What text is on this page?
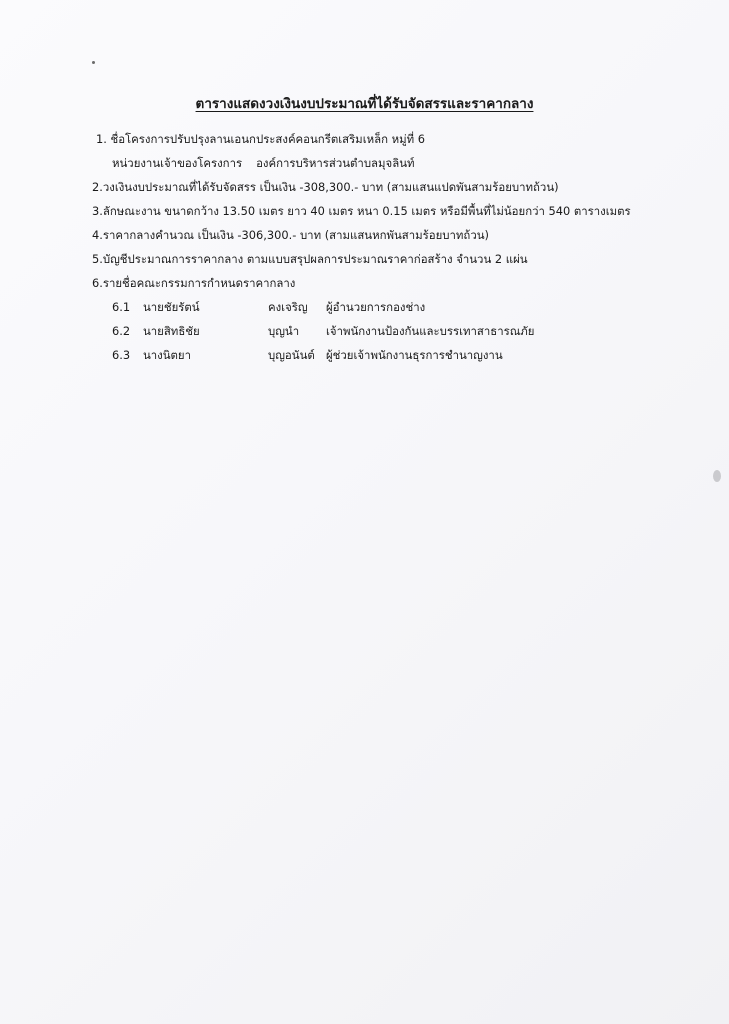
ตารางแสดงวงเงินงบประมาณที่ได้รับจัดสรรและราคากลาง
1. ชื่อโครงการปรับปรุงลานเอนกประสงค์คอนกรีตเสริมเหล็ก หมู่ที่ 6
หน่วยงานเจ้าของโครงการ องค์การบริหารส่วนตำบลมุจลินท์
2.วงเงินงบประมาณที่ได้รับจัดสรร เป็นเงิน -308,300.- บาท (สามแสนแปดพันสามร้อยบาทถ้วน)
3.ลักษณะงาน ขนาดกว้าง 13.50 เมตร ยาว 40 เมตร หนา 0.15 เมตร หรือมีพื้นที่ไม่น้อยกว่า 540 ตารางเมตร
4.ราคากลางคำนวณ เป็นเงิน -306,300.- บาท (สามแสนหกพันสามร้อยบาทถ้วน)
5.บัญชีประมาณการราคากลาง ตามแบบสรุปผลการประมาณราคาก่อสร้าง จำนวน 2 แผ่น
6.รายชื่อคณะกรรมการกำหนดราคากลาง
6.1 นายชัยรัตน์	คงเจริญ ผู้อำนวยการกองช่าง
6.2 นายสิทธิชัย	บุญนำ เจ้าพนักงานป้องกันและบรรเทาสาธารณภัย
6.3 นางนิตยา	บุญอนันต์ ผู้ช่วยเจ้าพนักงานธุรการชำนาญงาน
